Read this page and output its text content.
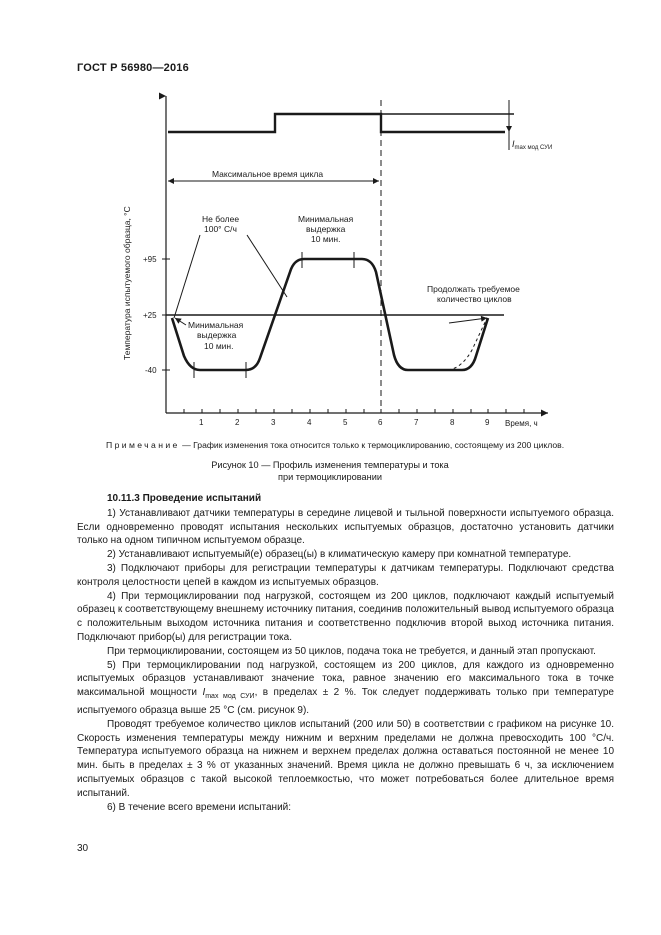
ГОСТ Р 56980—2016
Температура испытуемого образца, °С +95
+25
-40
1	2	3	4	5	6	7	8	9 Время, ч
$I_{max мод СУИ}$
Максимальное время цикла
Не более
100° С/ч
Минимальная
выдержка
10 мин.
Минимальная
выдержка
10 мин.
Продолжать требуемое
количество циклов
Примечание — График изменения тока относится только к термоциклированию, состоящему из 200 циклов.
Рисунок 10 — Профиль изменения температуры и тока
при термоциклировании
10.11.3 Проведение испытаний

1) Устанавливают датчики температуры в середине лицевой и тыльной поверхности испытуемого образца. Если одновременно проводят испытания нескольких испытуемых образцов, достаточно установить датчики только на одном типичном испытуемом образце.

2) Устанавливают испытуемый(е) образец(ы) в климатическую камеру при комнатной температуре.

3) Подключают приборы для регистрации температуры к датчикам температуры. Подключают средства контроля целостности цепей в каждом из испытуемых образцов.

4) При термоциклировании под нагрузкой, состоящем из 200 циклов, подключают каждый испытуемый образец к соответствующему внешнему источнику питания, соединив положительный вывод испытуемого образца с положительным выходом источника питания и соответственно подключив второй выход источника питания. Подключают прибор(ы) для регистрации тока.

При термоциклировании, состоящем из 50 циклов, подача тока не требуется, и данный этап пропускают.

5) При термоциклировании под нагрузкой, состоящем из 200 циклов, для каждого из одновременно испытуемых образцов устанавливают значение тока, равное значению его максимального тока в точке максимальной мощности $I_{max мод СУИ}$, в пределах ± 2 %. Ток следует поддерживать только при температуре испытуемого образца выше 25 °С (см. рисунок 9).

Проводят требуемое количество циклов испытаний (200 или 50) в соответствии с графиком на рисунке 10. Скорость изменения температуры между нижним и верхним пределами не должна превосходить 100 °С/ч. Температура испытуемого образца на нижнем и верхнем пределах должна оставаться постоянной не менее 10 мин. быть в пределах ± 3 % от указанных значений. Время цикла не должно превышать 6 ч, за исключением испытуемых образцов с такой высокой теплоемкостью, что может потребоваться более длительное время испытаний.

6) В течение всего времени испытаний:

30
